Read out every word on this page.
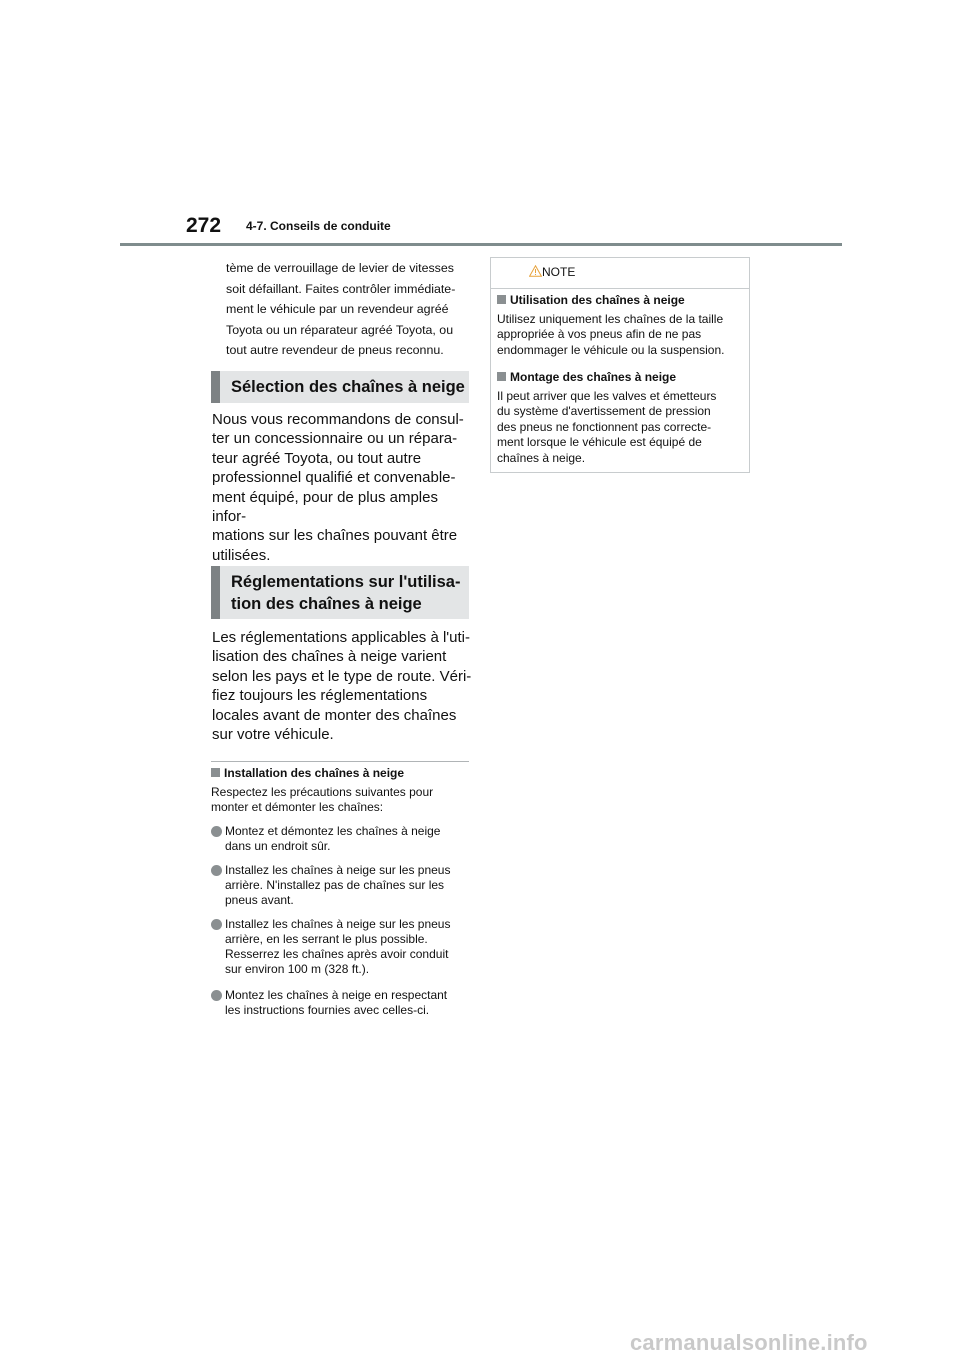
272 4-7. Conseils de conduite
tème de verrouillage de levier de vitesses
soit défaillant. Faites contrôler immédiate-
ment le véhicule par un revendeur agréé
Toyota ou un réparateur agréé Toyota, ou
tout autre revendeur de pneus reconnu.
Sélection des chaînes à neige
Nous vous recommandons de consul-
ter un concessionnaire ou un répara-
teur agréé Toyota, ou tout autre
professionnel qualifié et convenable-
ment équipé, pour de plus amples infor-
mations sur les chaînes pouvant être
utilisées.
Réglementations sur l'utilisa-
tion des chaînes à neige
Les réglementations applicables à l'uti-
lisation des chaînes à neige varient
selon les pays et le type de route. Véri-
fiez toujours les réglementations
locales avant de monter des chaînes
sur votre véhicule.
Installation des chaînes à neige
Respectez les précautions suivantes pour
monter et démonter les chaînes:
Montez et démontez les chaînes à neige
dans un endroit sûr.
Installez les chaînes à neige sur les pneus
arrière. N'installez pas de chaînes sur les
pneus avant.
Installez les chaînes à neige sur les pneus
arrière, en les serrant le plus possible.
Resserrez les chaînes après avoir conduit
sur environ 100 m (328 ft.).
Montez les chaînes à neige en respectant
les instructions fournies avec celles-ci.
NOTE
Utilisation des chaînes à neige
Utilisez uniquement les chaînes de la taille
appropriée à vos pneus afin de ne pas
endommager le véhicule ou la suspension.
Montage des chaînes à neige
Il peut arriver que les valves et émetteurs
du système d'avertissement de pression
des pneus ne fonctionnent pas correcte-
ment lorsque le véhicule est équipé de
chaînes à neige.
carmanualsonline.info
